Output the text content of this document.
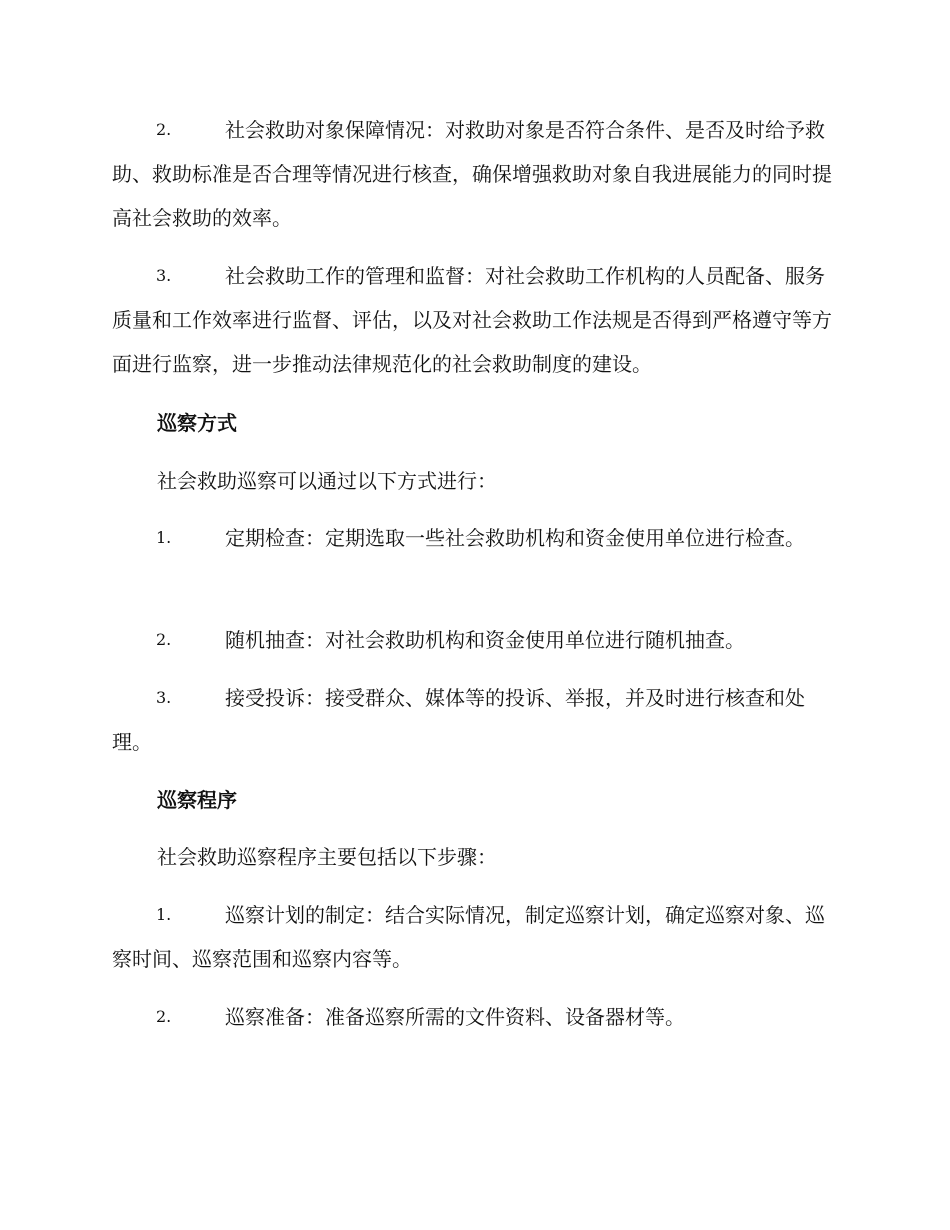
2.	社会救助对象保障情况：对救助对象是否符合条件、是否及时给予救助、救助标准是否合理等情况进行核查，确保增强救助对象自我进展能力的同时提高社会救助的效率。

3.	社会救助工作的管理和监督：对社会救助工作机构的人员配备、服务质量和工作效率进行监督、评估，以及对社会救助工作法规是否得到严格遵守等方面进行监察，进一步推动法律规范化的社会救助制度的建设。

巡察方式
社会救助巡察可以通过以下方式进行：
1.	定期检查：定期选取一些社会救助机构和资金使用单位进行检查。

2.	随机抽查：对社会救助机构和资金使用单位进行随机抽查。

3.	接受投诉：接受群众、媒体等的投诉、举报，并及时进行核查和处理。

巡察程序
社会救助巡察程序主要包括以下步骤：
1.	巡察计划的制定：结合实际情况，制定巡察计划，确定巡察对象、巡察时间、巡察范围和巡察内容等。

2.	巡察准备：准备巡察所需的文件资料、设备器材等。
